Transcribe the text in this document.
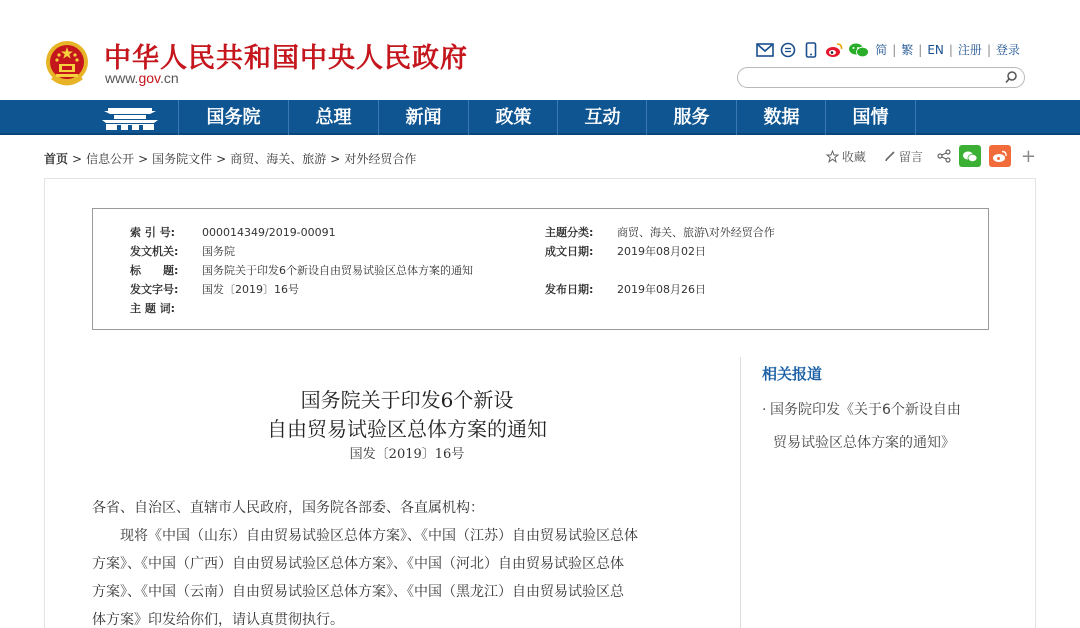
中华人民共和国中央人民政府
www.gov.cn
简 | 繁 | EN | 注册 | 登录
国务院	总理	新闻	政策	互动	服务	数据	国情
首页 > 信息公开 > 国务院文件 > 商贸、海关、旅游 > 对外经贸合作	收藏	留言	+
索 引 号: 000014349/2019-00091
发文机关: 国务院
标　　题: 国务院关于印发6个新设自由贸易试验区总体方案的通知
发文字号: 国发〔2019〕16号
主 题 词:
主题分类: 商贸、海关、旅游\对外经贸合作
成文日期: 2019年08月02日
发布日期: 2019年08月26日
国务院关于印发6个新设
自由贸易试验区总体方案的通知
国发〔2019〕16号

各省、自治区、直辖市人民政府，国务院各部委、各直属机构：

现将《中国（山东）自由贸易试验区总体方案》、《中国（江苏）自由贸易试验区总体

方案》、《中国（广西）自由贸易试验区总体方案》、《中国（河北）自由贸易试验区总体

方案》、《中国（云南）自由贸易试验区总体方案》、《中国（黑龙江）自由贸易试验区总

体方案》印发给你们，请认真贯彻执行。

相关报道
· 国务院印发《关于6个新设自由
贸易试验区总体方案的通知》
